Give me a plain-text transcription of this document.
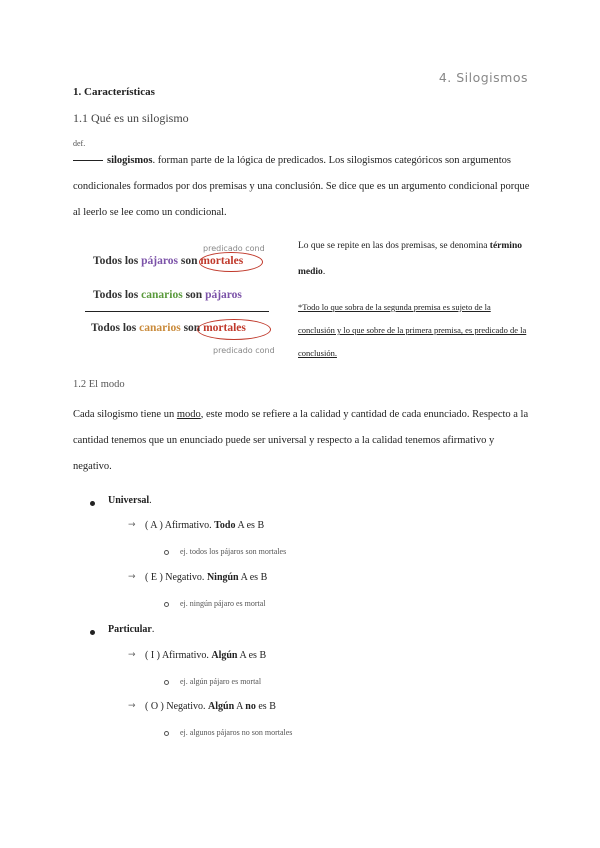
4. Silogismos
1. Características
1.1 Qué es un silogismo
def.
silogismos. forman parte de la lógica de predicados. Los silogismos categóricos son argumentos condicionales formados por dos premisas y una conclusión. Se dice que es un argumento condicional porque al leerlo se lee como un condicional.
predicado cond
Todos los pájaros son mortales
Todos los canarios son pájaros
Todos los canarios son mortales
predicado cond
Lo que se repite en las dos premisas, se denomina término medio.
*Todo lo que sobra de la segunda premisa es sujeto de la conclusión y lo que sobre de la primera premisa, es predicado de la conclusión.
1.2 El modo
Cada silogismo tiene un modo, este modo se refiere a la calidad y cantidad de cada enunciado. Respecto a la cantidad tenemos que un enunciado puede ser universal y respecto a la calidad tenemos afirmativo y negativo.
Universal.
→ ( A ) Afirmativo. Todo A es B
ej. todos los pájaros son mortales
→ ( E ) Negativo. Ningún A es B
ej. ningún pájaro es mortal
Particular.
→ ( I ) Afirmativo. Algún A es B
ej. algún pájaro es mortal
→ ( O ) Negativo. Algún A no es B
ej. algunos pájaros no son mortales
